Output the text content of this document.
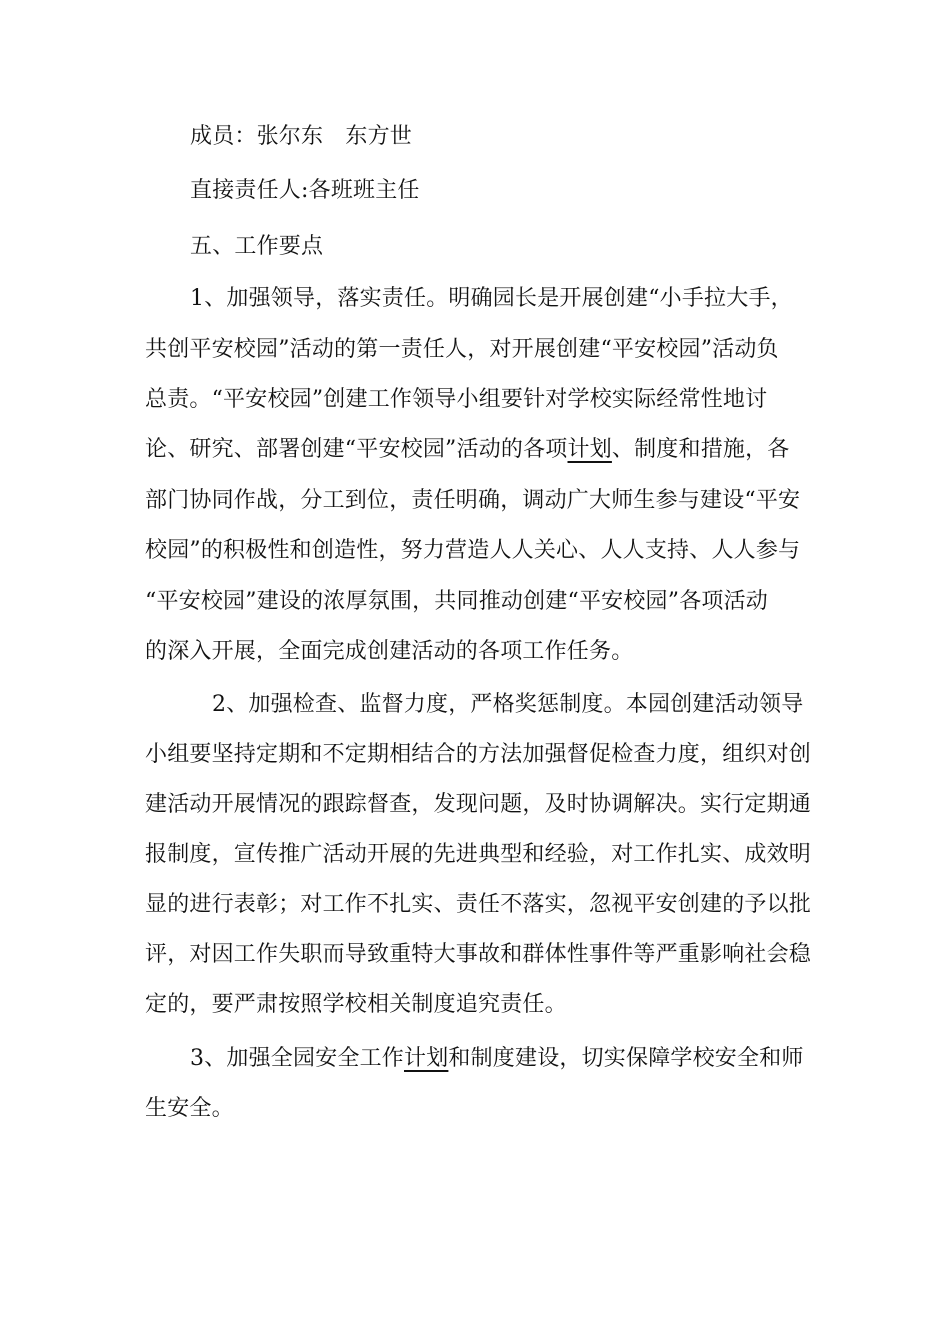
成员：张尔东　东方世
直接责任人:各班班主任
五、工作要点
1、加强领导，落实责任。明确园长是开展创建“小手拉大手，
共创平安校园”活动的第一责任人，对开展创建“平安校园”活动负
总责。“平安校园”创建工作领导小组要针对学校实际经常性地讨
论、研究、部署创建“平安校园”活动的各项计划、制度和措施，各
部门协同作战，分工到位，责任明确，调动广大师生参与建设“平安
校园”的积极性和创造性，努力营造人人关心、人人支持、人人参与
“平安校园”建设的浓厚氛围，共同推动创建“平安校园”各项活动
的深入开展，全面完成创建活动的各项工作任务。
2、加强检查、监督力度，严格奖惩制度。本园创建活动领导
小组要坚持定期和不定期相结合的方法加强督促检查力度，组织对创
建活动开展情况的跟踪督查，发现问题，及时协调解决。实行定期通
报制度，宣传推广活动开展的先进典型和经验，对工作扎实、成效明
显的进行表彰；对工作不扎实、责任不落实，忽视平安创建的予以批
评，对因工作失职而导致重特大事故和群体性事件等严重影响社会稳
定的，要严肃按照学校相关制度追究责任。
3、加强全园安全工作计划和制度建设，切实保障学校安全和师
生安全。
